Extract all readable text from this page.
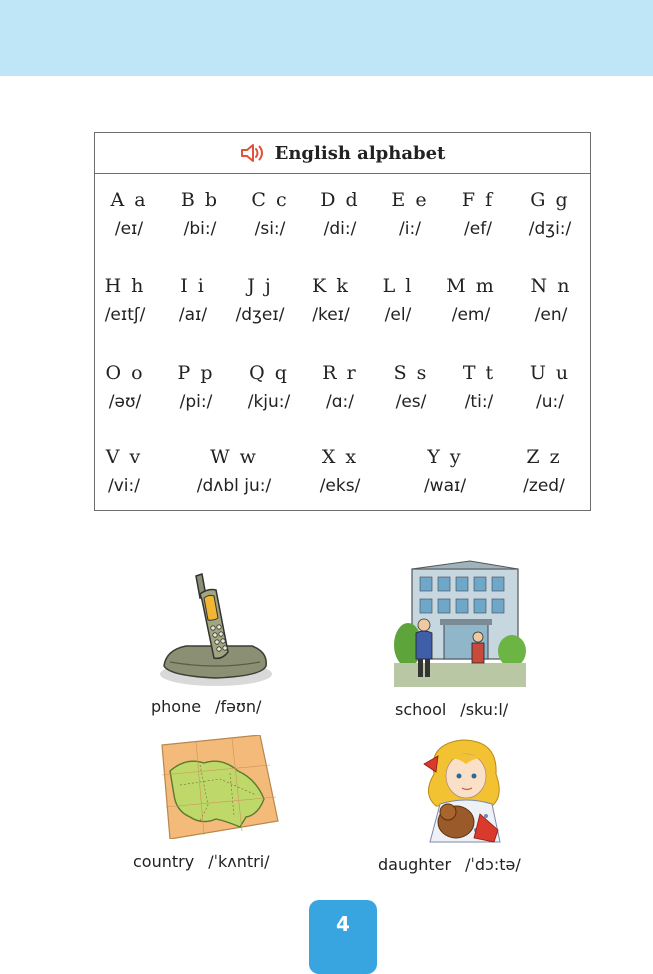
English alphabet
A a
/eɪ/
B b
/bi:/
C c
/si:/
D d
/di:/
E e
/i:/
F f
/ef/
G g
/dʒi:/
H h
/eɪtʃ/
I i
/aɪ/
J j
/dʒeɪ/
K k
/keɪ/
L l
/el/
M m
/em/
N n
/en/
O o
/əʊ/
P p
/pi:/
Q q
/kju:/
R r
/ɑ:/
S s
/es/
T t
/ti:/
U u
/u:/
V v
/vi:/
W w
/dʌbl ju:/
X x
/eks/
Y y
/waɪ/
Z z
/zed/
phone /fəʊn/	school /sku:l/
country /ˈkʌntri/	daughter /ˈdɔ:tə/
4
